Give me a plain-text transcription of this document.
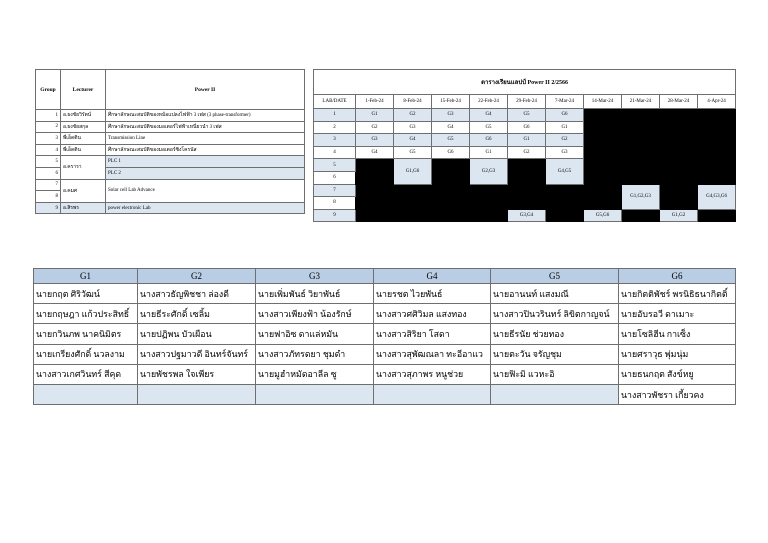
Group	Lecturer	Power II
1	อ.ธงชัยวิรัตน์	ศึกษาลักษณะสมบัติของหม้อแปลงไฟฟ้า 3 เฟส (3 phase-transformer)
2	อ.ธงชัยสกุล	ศึกษาลักษณะสมบัติของมอเตอร์ไฟฟ้าเหนี่ยวนำ 3 เฟส
3	พี่เอ็ดติน	Transmission Line
4	พี่เอ็ดติน	ศึกษาลักษณะสมบัติของมอเตอร์ซิงโครนัส
5	อ.ครารา	PLC 1
6		PLC 2
7	อ.คมศ	Solar cell Lab Advance
8		
9	อ.สิรพร	power electronic Lab
ตารางเรียนแลปป์ Power II 2/2566										
LAB/DATE	1-Feb-24	8-Feb-24	15-Feb-24	22-Feb-24	29-Feb-24	7-Mar-24	14-Mar-24	21-Mar-24	28-Mar-24	4-Apr-24
1	G1	G2	G3	G4	G5	G6				
2	G2	G3	G4	G5	G6	G1				
3	G3	G4	G5	G6	G1	G2				
4	G4	G5	G6	G1	G2	G3				
5		G1,G6		G2,G3		G4,G5				
6										
7								G1,G2,G3		G4,G3,G6
8										
9					G3,G4		G5,G6		G1,G2	
G1	G2	G3	G4	G5	G6
นายกฤต ศิริวัฒน์	นางสาวธัญพิชชา ล่องดี	นายเพิ่มพันธ์ วิยาพันธ์	นายรชต ไวยพันธ์	นายอานนท์ แสงมณี	นายกิตติพัชร์ พรนิธิธนากิตติ์
นายกฤษฎา แก้วประสิทธิ์	นายธีระศักดิ์ เซลิ้ม	นางสาวเพียงฟ้า น้องรักษ์	นางสาวศศิวิมล แสงทอง	นางสาวปินวรินทร์ ลิขิตกาญจน์	นายอับรอวี ดาเมาะ
นายกวินภพ นาคนิมิตร	นายปฏิพน บัวเผือน	นายฟาอิซ ดาแล่หมัน	นางสาวสิริยา โสดา	นายธีรนัย ช่วยทอง	นายโซลิฮีน กาเซ็ง
นายเกรียงศักดิ์ นวลงาม	นางสาวปฐมาวดี อินทร์จันทร์	นางสาวภัทรดยา ชุมดำ	นางสาวสุพัฒณลา ทะอีอาแว	นายตะวัน จรัญชุม	นายศราวุธ พุ่มนุ่ม
นางสาวเกศวินทร์ สีคุด	นายพัชรพล ใจเพียร	นายมูฮำหมัดอาลีล ซู	นางสาวสุภาพร หนูช่วย	นายฟิะมิ แวหะอิ	นายธนกฤต สังข์หยู
					นางสาวพัชรา เกี้ยวคง
